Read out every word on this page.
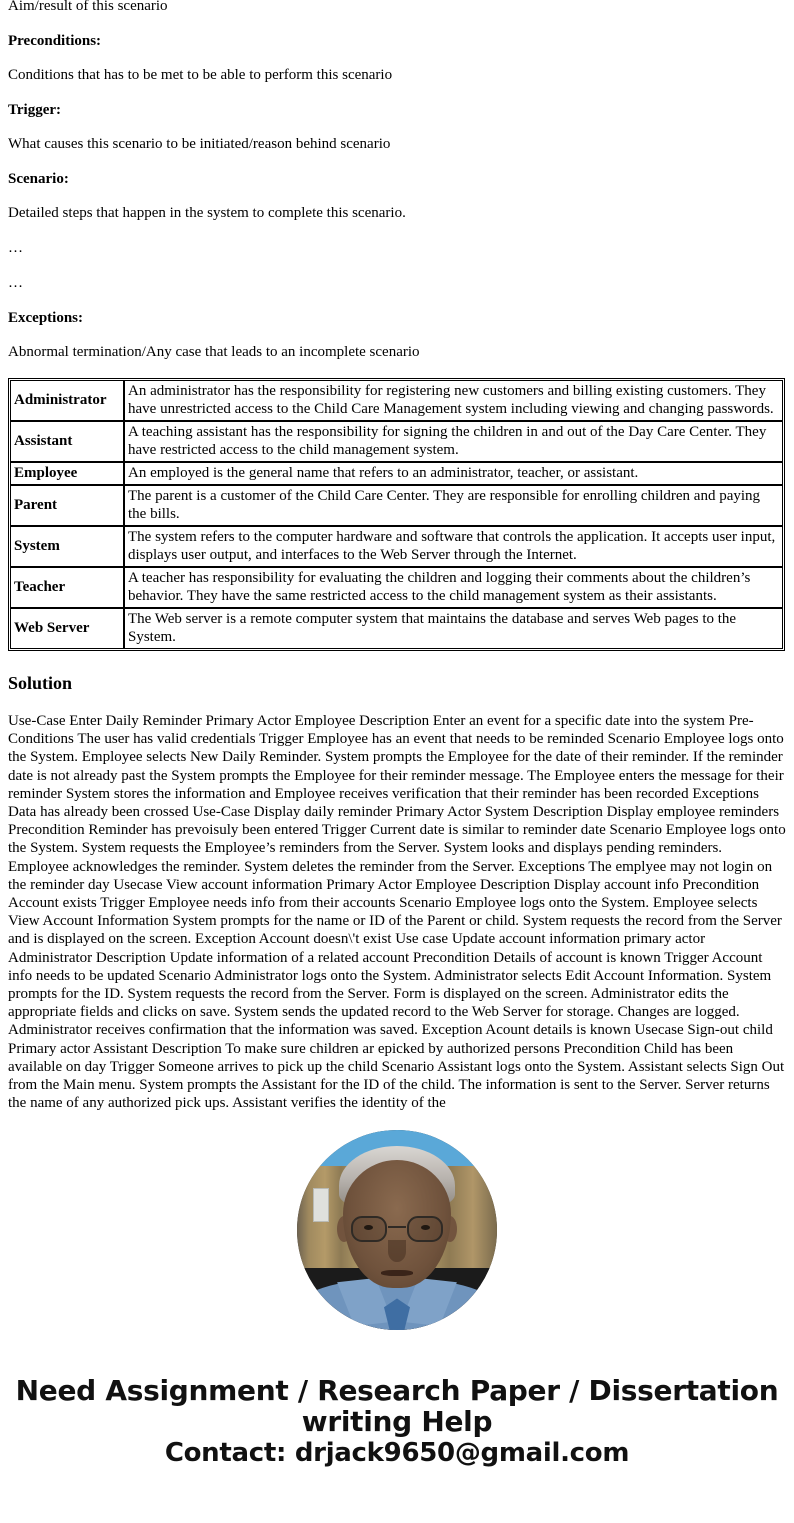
Aim/result of this scenario

Preconditions:

Conditions that has to be met to be able to perform this scenario

Trigger:

What causes this scenario to be initiated/reason behind scenario

Scenario:

Detailed steps that happen in the system to complete this scenario.

…

…

Exceptions:

Abnormal termination/Any case that leads to an incomplete scenario

Administrator	An administrator has the responsibility for registering new customers and billing existing customers. They have unrestricted access to the Child Care Management system including viewing and changing passwords.
Assistant	A teaching assistant has the responsibility for signing the children in and out of the Day Care Center. They have restricted access to the child management system.
Employee	An employed is the general name that refers to an administrator, teacher, or assistant.
Parent	The parent is a customer of the Child Care Center. They are responsible for enrolling children and paying the bills.
System	The system refers to the computer hardware and software that controls the application. It accepts user input, displays user output, and interfaces to the Web Server through the Internet.
Teacher	A teacher has responsibility for evaluating the children and logging their comments about the children’s behavior. They have the same restricted access to the child management system as their assistants.
Web Server	The Web server is a remote computer system that maintains the database and serves Web pages to the System.
Solution

Use-Case Enter Daily Reminder Primary Actor Employee Description Enter an event for a specific date into the system Pre-Conditions The user has valid credentials Trigger Employee has an event that needs to be reminded Scenario Employee logs onto the System. Employee selects New Daily Reminder. System prompts the Employee for the date of their reminder. If the reminder date is not already past the System prompts the Employee for their reminder message. The Employee enters the message for their reminder System stores the information and Employee receives verification that their reminder has been recorded Exceptions Data has already been crossed Use-Case Display daily reminder Primary Actor System Description Display employee reminders Precondition Reminder has prevoisuly been entered Trigger Current date is similar to reminder date Scenario Employee logs onto the System. System requests the Employee’s reminders from the Server. System looks and displays pending reminders. Employee acknowledges the reminder. System deletes the reminder from the Server. Exceptions The emplyee may not login on the reminder day Usecase View account information Primary Actor Employee Description Display account info Precondition Account exists Trigger Employee needs info from their accounts Scenario Employee logs onto the System. Employee selects View Account Information System prompts for the name or ID of the Parent or child. System requests the record from the Server and is displayed on the screen. Exception Account doesn\'t exist Use case Update account information primary actor Administrator Description Update information of a related account Precondition Details of account is known Trigger Account info needs to be updated Scenario Administrator logs onto the System. Administrator selects Edit Account Information. System prompts for the ID. System requests the record from the Server. Form is displayed on the screen. Administrator edits the appropriate fields and clicks on save. System sends the updated record to the Web Server for storage. Changes are logged. Administrator receives confirmation that the information was saved. Exception Acount details is known Usecase Sign-out child Primary actor Assistant Description To make sure children ar epicked by authorized persons Precondition Child has been available on day Trigger Someone arrives to pick up the child Scenario Assistant logs onto the System. Assistant selects Sign Out from the Main menu. System prompts the Assistant for the ID of the child. The information is sent to the Server. Server returns the name of any authorized pick ups. Assistant verifies the identity of the

Need Assignment / Research Paper / Dissertation writing Help
Contact: drjack9650@gmail.com
